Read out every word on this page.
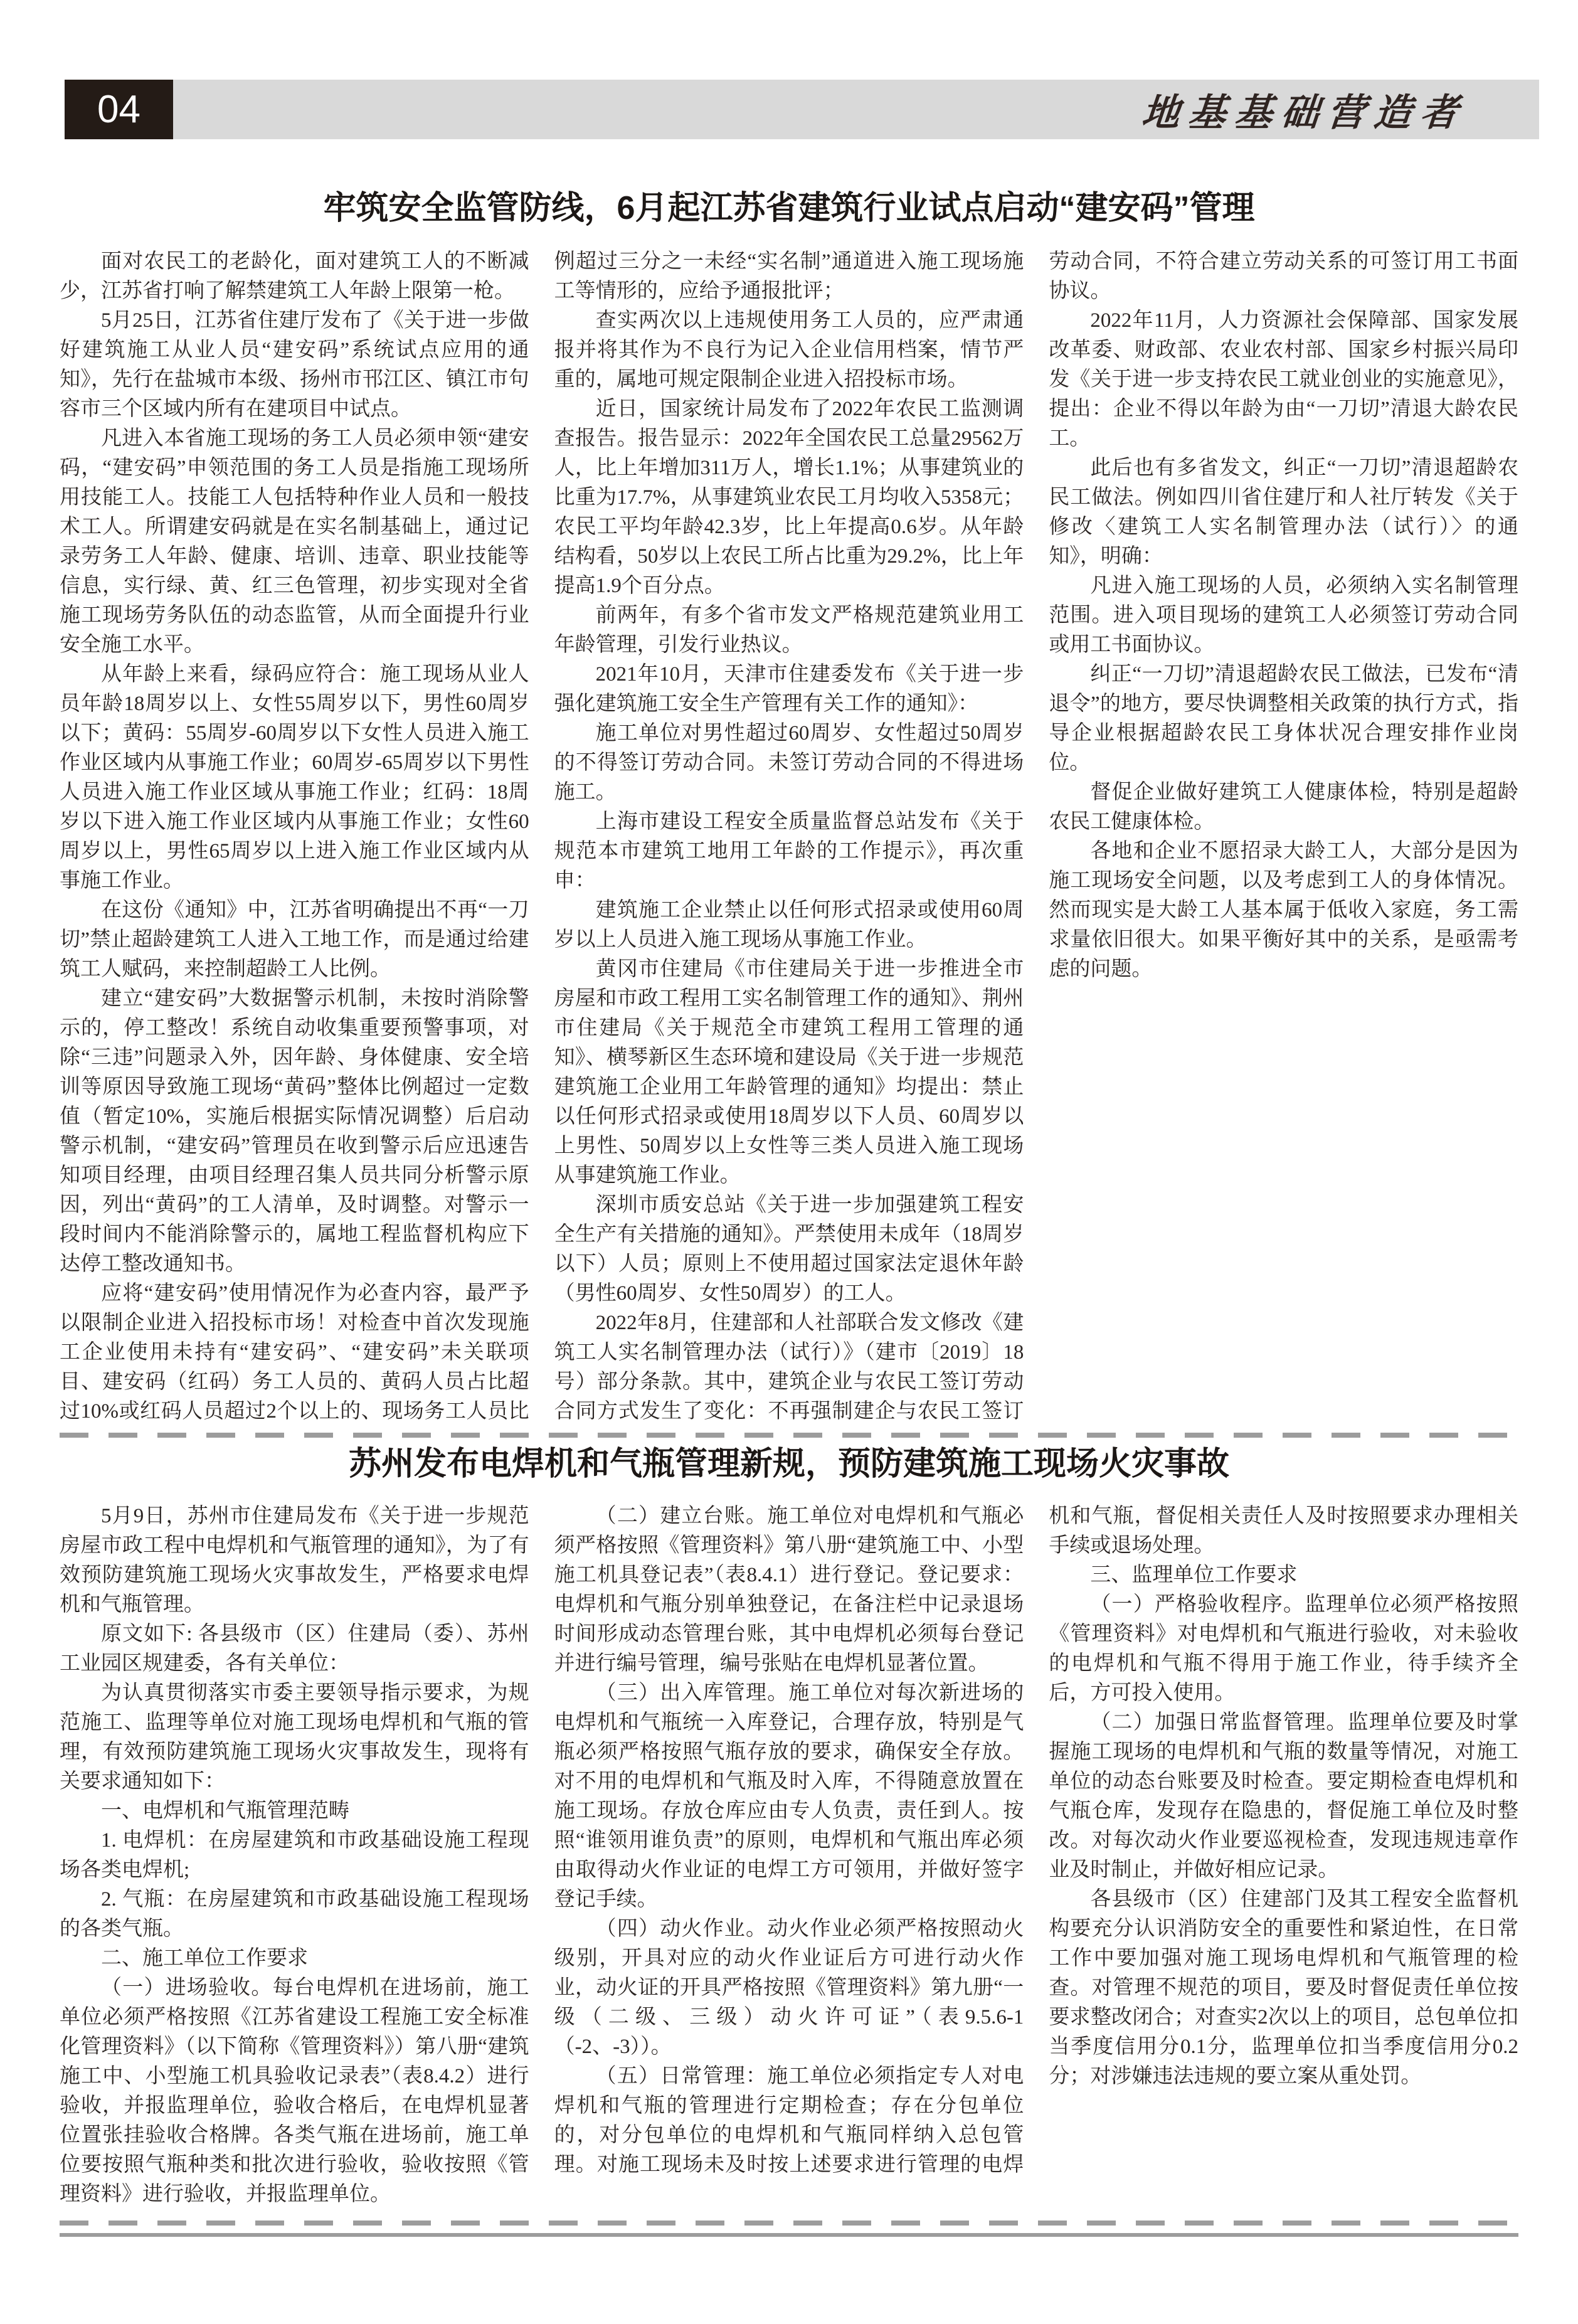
04	地基基础营造者
牢筑安全监管防线，6月起江苏省建筑行业试点启动“建安码”管理

面对农民工的老龄化，面对建筑工人的不断减少，江苏省打响了解禁建筑工人年龄上限第一枪。

5月25日，江苏省住建厅发布了《关于进一步做好建筑施工从业人员“建安码”系统试点应用的通知》，先行在盐城市本级、扬州市邗江区、镇江市句容市三个区域内所有在建项目中试点。

凡进入本省施工现场的务工人员必须申领“建安码，“建安码”申领范围的务工人员是指施工现场所用技能工人。技能工人包括特种作业人员和一般技术工人。所谓建安码就是在实名制基础上，通过记录劳务工人年龄、健康、培训、违章、职业技能等信息，实行绿、黄、红三色管理，初步实现对全省施工现场劳务队伍的动态监管，从而全面提升行业安全施工水平。

从年龄上来看，绿码应符合：施工现场从业人员年龄18周岁以上、女性55周岁以下，男性60周岁以下；黄码：55周岁-60周岁以下女性人员进入施工作业区域内从事施工作业；60周岁-65周岁以下男性人员进入施工作业区域从事施工作业；红码：18周岁以下进入施工作业区域内从事施工作业；女性60周岁以上，男性65周岁以上进入施工作业区域内从事施工作业。

在这份《通知》中，江苏省明确提出不再“一刀切”禁止超龄建筑工人进入工地工作，而是通过给建筑工人赋码，来控制超龄工人比例。

建立“建安码”大数据警示机制，未按时消除警示的，停工整改！系统自动收集重要预警事项，对除“三违”问题录入外，因年龄、身体健康、安全培训等原因导致施工现场“黄码”整体比例超过一定数值（暂定10%，实施后根据实际情况调整）后启动警示机制，“建安码”管理员在收到警示后应迅速告知项目经理，由项目经理召集人员共同分析警示原因，列出“黄码”的工人清单，及时调整。对警示一段时间内不能消除警示的，属地工程监督机构应下达停工整改通知书。

应将“建安码”使用情况作为必查内容，最严予以限制企业进入招投标市场！对检查中首次发现施工企业使用未持有“建安码”、“建安码”未关联项目、建安码（红码）务工人员的、黄码人员占比超过10%或红码人员超过2个以上的、现场务工人员比例超过三分之一未经“实名制”通道进入施工现场施工等情形的，应给予通报批评；

查实两次以上违规使用务工人员的，应严肃通报并将其作为不良行为记入企业信用档案，情节严重的，属地可规定限制企业进入招投标市场。

近日，国家统计局发布了2022年农民工监测调查报告。报告显示：2022年全国农民工总量29562万人，比上年增加311万人，增长1.1%；从事建筑业的比重为17.7%，从事建筑业农民工月均收入5358元；农民工平均年龄42.3岁，比上年提高0.6岁。从年龄结构看，50岁以上农民工所占比重为29.2%，比上年提高1.9个百分点。

前两年，有多个省市发文严格规范建筑业用工年龄管理，引发行业热议。

2021年10月，天津市住建委发布《关于进一步强化建筑施工安全生产管理有关工作的通知》：

施工单位对男性超过60周岁、女性超过50周岁的不得签订劳动合同。未签订劳动合同的不得进场施工。

上海市建设工程安全质量监督总站发布《关于规范本市建筑工地用工年龄的工作提示》，再次重申：

建筑施工企业禁止以任何形式招录或使用60周岁以上人员进入施工现场从事施工作业。

黄冈市住建局《市住建局关于进一步推进全市房屋和市政工程用工实名制管理工作的通知》、荆州市住建局《关于规范全市建筑工程用工管理的通知》、横琴新区生态环境和建设局《关于进一步规范建筑施工企业用工年龄管理的通知》均提出：禁止以任何形式招录或使用18周岁以下人员、60周岁以上男性、50周岁以上女性等三类人员进入施工现场从事建筑施工作业。

深圳市质安总站《关于进一步加强建筑工程安全生产有关措施的通知》。严禁使用未成年（18周岁以下）人员；原则上不使用超过国家法定退休年龄（男性60周岁、女性50周岁）的工人。

2022年8月，住建部和人社部联合发文修改《建筑工人实名制管理办法（试行）》（建市〔2019〕18号）部分条款。其中，建筑企业与农民工签订劳动合同方式发生了变化：不再强制建企与农民工签订劳动合同，不符合建立劳动关系的可签订用工书面协议。

2022年11月，人力资源社会保障部、国家发展改革委、财政部、农业农村部、国家乡村振兴局印发《关于进一步支持农民工就业创业的实施意见》，提出：企业不得以年龄为由“一刀切”清退大龄农民工。

此后也有多省发文，纠正“一刀切”清退超龄农民工做法。例如四川省住建厅和人社厅转发《关于修改〈建筑工人实名制管理办法（试行）〉的通知》，明确：

凡进入施工现场的人员，必须纳入实名制管理范围。进入项目现场的建筑工人必须签订劳动合同或用工书面协议。

纠正“一刀切”清退超龄农民工做法，已发布“清退令”的地方，要尽快调整相关政策的执行方式，指导企业根据超龄农民工身体状况合理安排作业岗位。

督促企业做好建筑工人健康体检，特别是超龄农民工健康体检。

各地和企业不愿招录大龄工人，大部分是因为施工现场安全问题，以及考虑到工人的身体情况。然而现实是大龄工人基本属于低收入家庭，务工需求量依旧很大。如果平衡好其中的关系，是亟需考虑的问题。

苏州发布电焊机和气瓶管理新规，预防建筑施工现场火灾事故

5月9日，苏州市住建局发布《关于进一步规范房屋市政工程中电焊机和气瓶管理的通知》，为了有效预防建筑施工现场火灾事故发生，严格要求电焊机和气瓶管理。

原文如下: 各县级市（区）住建局（委）、苏州工业园区规建委，各有关单位：

为认真贯彻落实市委主要领导指示要求，为规范施工、监理等单位对施工现场电焊机和气瓶的管理，有效预防建筑施工现场火灾事故发生，现将有关要求通知如下：

一、电焊机和气瓶管理范畴

1. 电焊机：在房屋建筑和市政基础设施工程现场各类电焊机;

2. 气瓶：在房屋建筑和市政基础设施工程现场的各类气瓶。

二、施工单位工作要求

（一）进场验收。每台电焊机在进场前，施工单位必须严格按照《江苏省建设工程施工安全标准化管理资料》（以下简称《管理资料》）第八册“建筑施工中、小型施工机具验收记录表”（表8.4.2）进行验收，并报监理单位，验收合格后，在电焊机显著位置张挂验收合格牌。各类气瓶在进场前，施工单位要按照气瓶种类和批次进行验收，验收按照《管理资料》进行验收，并报监理单位。

（二）建立台账。施工单位对电焊机和气瓶必须严格按照《管理资料》第八册“建筑施工中、小型施工机具登记表”（表8.4.1）进行登记。登记要求：电焊机和气瓶分别单独登记，在备注栏中记录退场时间形成动态管理台账，其中电焊机必须每台登记并进行编号管理，编号张贴在电焊机显著位置。

（三）出入库管理。施工单位对每次新进场的电焊机和气瓶统一入库登记，合理存放，特别是气瓶必须严格按照气瓶存放的要求，确保安全存放。对不用的电焊机和气瓶及时入库，不得随意放置在施工现场。存放仓库应由专人负责，责任到人。按照“谁领用谁负责”的原则，电焊机和气瓶出库必须由取得动火作业证的电焊工方可领用，并做好签字登记手续。

（四）动火作业。动火作业必须严格按照动火级别，开具对应的动火作业证后方可进行动火作业，动火证的开具严格按照《管理资料》第九册“一级（二级、三级）动火许可证”（表9.5.6-1（-2、-3））。

（五）日常管理：施工单位必须指定专人对电焊机和气瓶的管理进行定期检查；存在分包单位的，对分包单位的电焊机和气瓶同样纳入总包管理。对施工现场未及时按上述要求进行管理的电焊机和气瓶，督促相关责任人及时按照要求办理相关手续或退场处理。

三、监理单位工作要求

（一）严格验收程序。监理单位必须严格按照《管理资料》对电焊机和气瓶进行验收，对未验收的电焊机和气瓶不得用于施工作业，待手续齐全后，方可投入使用。

（二）加强日常监督管理。监理单位要及时掌握施工现场的电焊机和气瓶的数量等情况，对施工单位的动态台账要及时检查。要定期检查电焊机和气瓶仓库，发现存在隐患的，督促施工单位及时整改。对每次动火作业要巡视检查，发现违规违章作业及时制止，并做好相应记录。

各县级市（区）住建部门及其工程安全监督机构要充分认识消防安全的重要性和紧迫性，在日常工作中要加强对施工现场电焊机和气瓶管理的检查。对管理不规范的项目，要及时督促责任单位按要求整改闭合；对查实2次以上的项目，总包单位扣当季度信用分0.1分，监理单位扣当季度信用分0.2分；对涉嫌违法违规的要立案从重处罚。
